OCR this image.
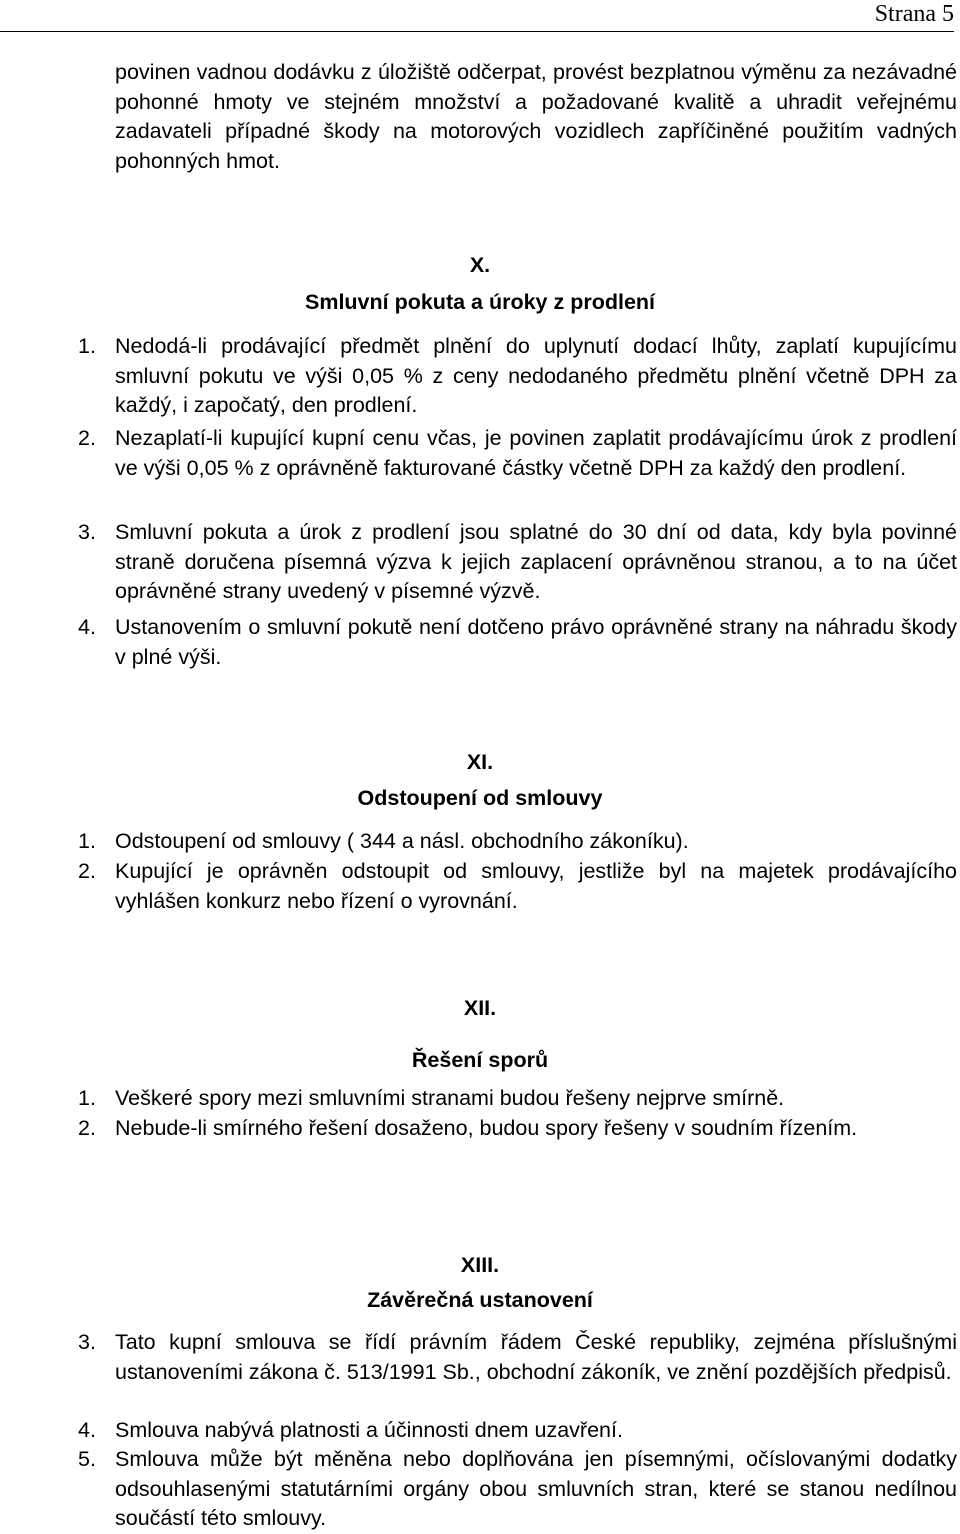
Strana 5
povinen vadnou dodávku z úložiště odčerpat, provést bezplatnou výměnu za nezávadné pohonné hmoty ve stejném množství a požadované kvalitě a uhradit veřejnému zadavateli případné škody na motorových vozidlech zapříčiněné použitím vadných pohonných hmot.
X.
Smluvní pokuta a úroky z prodlení
1. Nedodá-li prodávající předmět plnění do uplynutí dodací lhůty, zaplatí kupujícímu smluvní pokutu ve výši 0,05 % z ceny nedodaného předmětu plnění včetně DPH za každý, i započatý, den prodlení.
2. Nezaplatí-li kupující kupní cenu včas, je povinen zaplatit prodávajícímu úrok z prodlení ve výši 0,05 % z oprávněně fakturované částky včetně DPH za každý den prodlení.
3. Smluvní pokuta a úrok z prodlení jsou splatné do 30 dní od data, kdy byla povinné straně doručena písemná výzva k jejich zaplacení oprávněnou stranou, a to na účet oprávněné strany uvedený v písemné výzvě.
4. Ustanovením o smluvní pokutě není dotčeno právo oprávněné strany na náhradu škody v plné výši.
XI.
Odstoupení od smlouvy
1. Odstoupení od smlouvy ( 344 a násl. obchodního zákoníku).
2. Kupující je oprávněn odstoupit od smlouvy, jestliže byl na majetek prodávajícího vyhlášen konkurz nebo řízení o vyrovnání.
XII.
Řešení sporů
1. Veškeré spory mezi smluvními stranami budou řešeny nejprve smírně.
2. Nebude-li smírného řešení dosaženo, budou spory řešeny v soudním řízením.
XIII.
Závěrečná ustanovení
3. Tato kupní smlouva se řídí právním řádem České republiky, zejména příslušnými ustanoveními zákona č. 513/1991 Sb., obchodní zákoník, ve znění pozdějších předpisů.
4. Smlouva nabývá platnosti a účinnosti dnem uzavření.
5. Smlouva může být měněna nebo doplňována jen písemnými, očíslovanými dodatky odsouhlasenými statutárními orgány obou smluvních stran, které se stanou nedílnou součástí této smlouvy.
